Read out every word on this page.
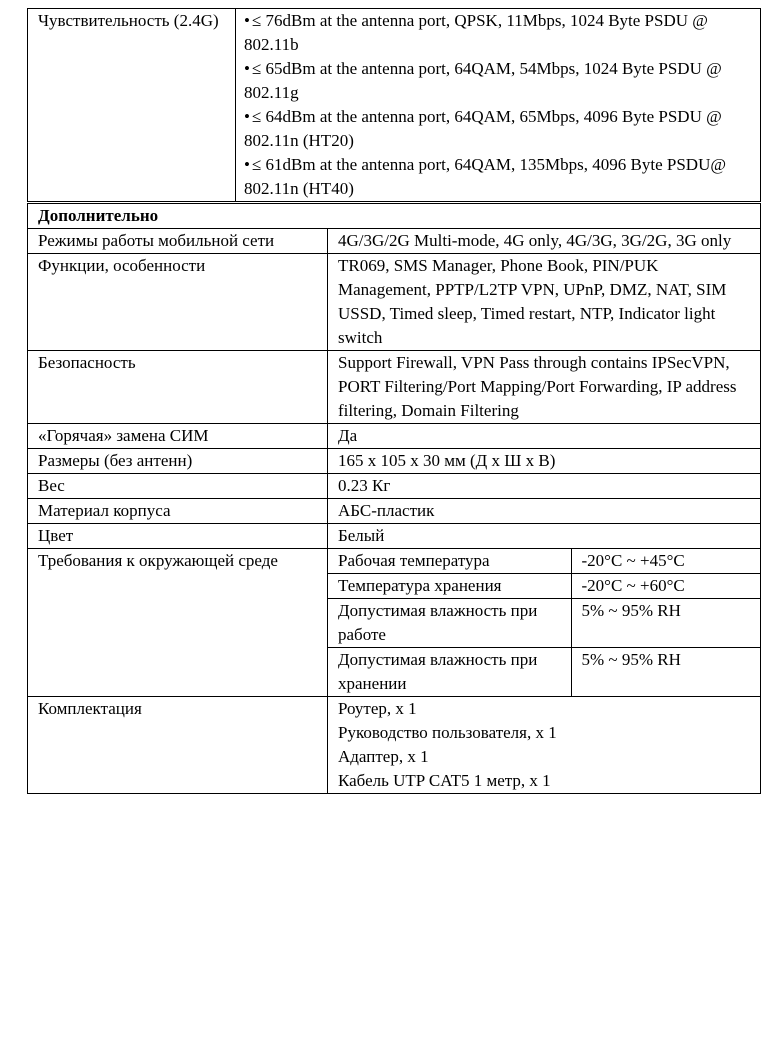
Чувствительность (2.4G)	
•≤ 76dBm at the antenna port, QPSK, 11Mbps, 1024 Byte PSDU @ 802.11b
• ≤ 65dBm at the antenna port, 64QAM, 54Mbps, 1024 Byte PSDU @ 802.11g
• ≤ 64dBm at the antenna port, 64QAM, 65Mbps, 4096 Byte PSDU @ 802.11n (HT20)
• ≤ 61dBm at the antenna port, 64QAM, 135Mbps, 4096 Byte PSDU@ 802.11n (HT40)
Дополнительно
Режимы работы мобильной сети	4G/3G/2G Multi-mode, 4G only, 4G/3G, 3G/2G, 3G only
Функции, особенности	TR069, SMS Manager, Phone Book, PIN/PUK Management, PPTP/L2TP VPN, UPnP, DMZ, NAT, SIM USSD, Timed sleep, Timed restart, NTP, Indicator light switch
Безопасность	Support Firewall, VPN Pass through contains IPSecVPN, PORT Filtering/Port Mapping/Port Forwarding, IP address filtering, Domain Filtering
«Горячая» замена СИМ	Да
Размеры (без антенн)	165 x 105 x 30 мм (Д x Ш x В)
Вес	0.23 Кг
Материал корпуса	АБС-пластик
Цвет	Белый
Требования к окружающей среде		Рабочая температура	-20°C ~ +45°C
Температура хранения	-20°C ~ +60°C
Допустимая влажность при работе	5% ~ 95% RH
Допустимая влажность при хранении	5% ~ 95% RH

Комплектация	Роутер, x 1
Руководство пользователя, x 1
Адаптер, x 1
Кабель UTP CAT5 1 метр, x 1
